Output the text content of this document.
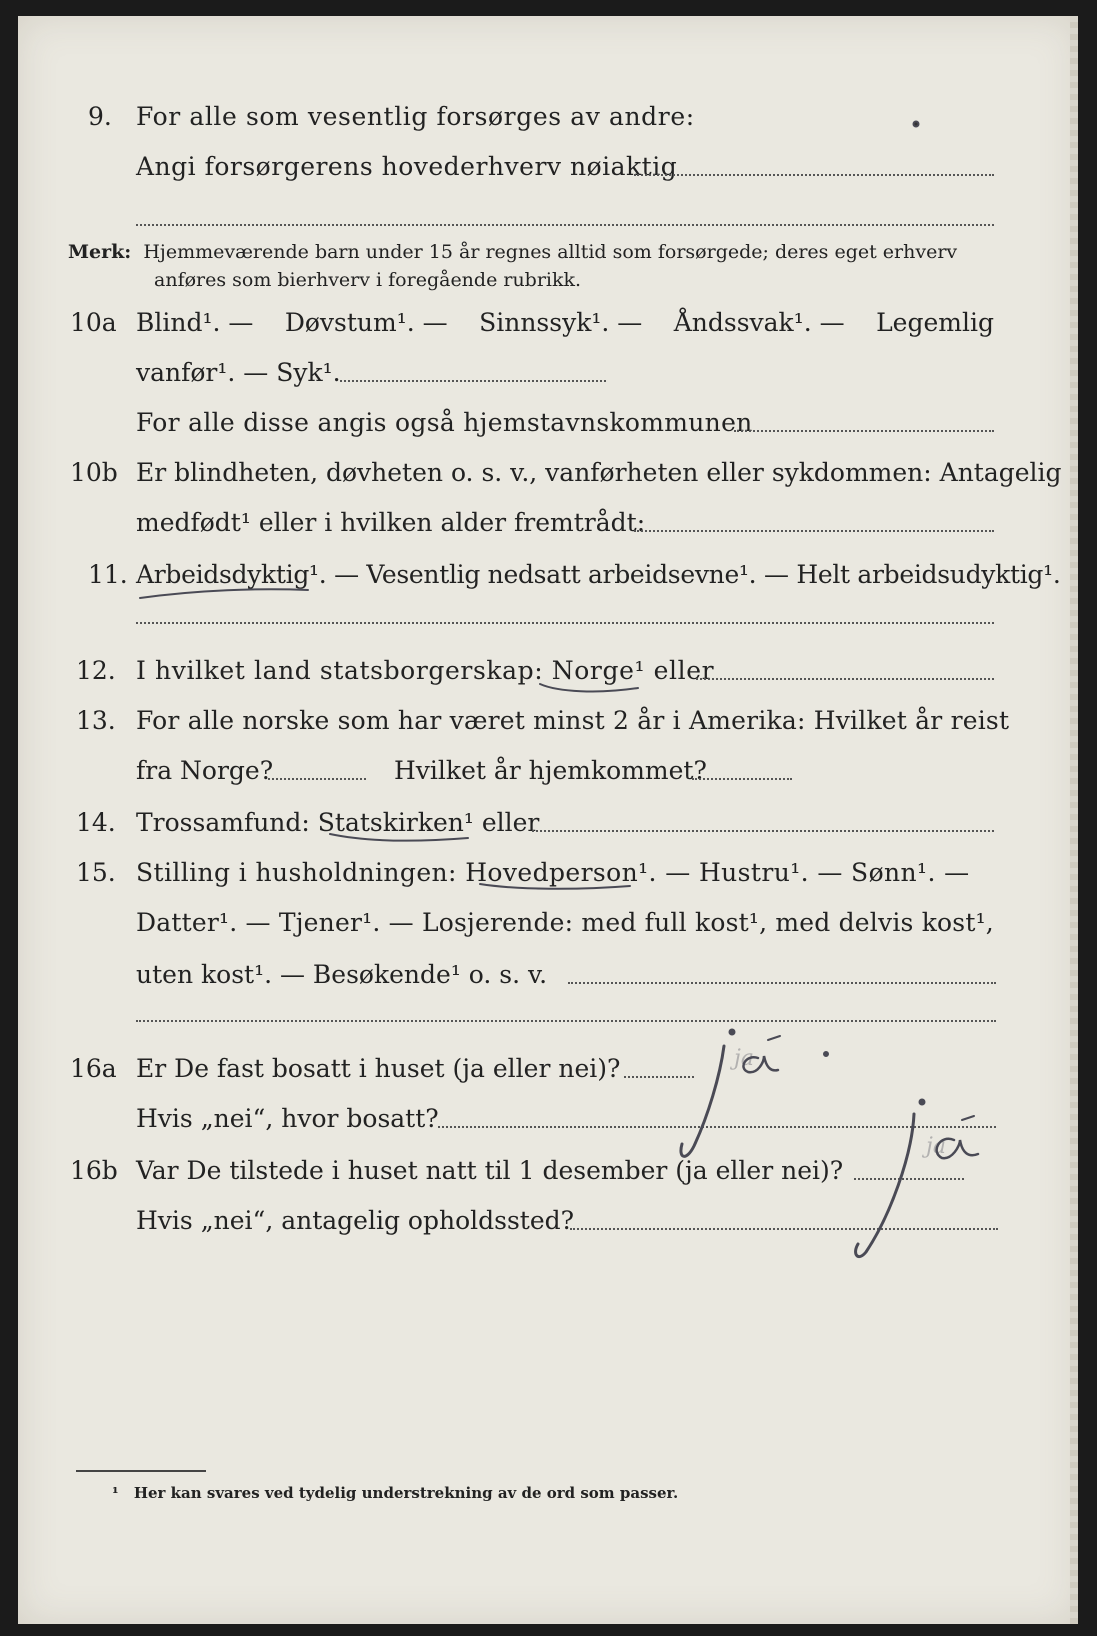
9. For alle som vesentlig forsørges av andre:
Angi forsørgerens hovederhverv nøiaktig
Merk: Hjemmeværende barn under 15 år regnes alltid som forsørgede; deres eget erhverv
anføres som bierhverv i foregående rubrikk.
10a Blind¹. — Døvstum¹. — Sinnssyk¹. — Åndssvak¹. — Legemlig
vanfør¹. — Syk¹.
For alle disse angis også hjemstavnskommunen
10b Er blindheten, døvheten o. s. v., vanførheten eller sykdommen: Antagelig
medfødt¹ eller i hvilken alder fremtrådt:
11. Arbeidsdyktig¹. — Vesentlig nedsatt arbeidsevne¹. — Helt arbeidsudyktig¹.
12. I hvilket land statsborgerskap: Norge¹ eller
13. For alle norske som har været minst 2 år i Amerika: Hvilket år reist
fra Norge?	Hvilket år hjemkommet?
14. Trossamfund: Statskirken¹ eller
15. Stilling i husholdningen: Hovedperson¹. — Hustru¹. — Sønn¹. —
Datter¹. — Tjener¹. — Losjerende: med full kost¹, med delvis kost¹,
uten kost¹. — Besøkende¹ o. s. v.
16a Er De fast bosatt i huset (ja eller nei)?
Hvis „nei“, hvor bosatt?
16b Var De tilstede i huset natt til 1 desember (ja eller nei)?
Hvis „nei“, antagelig opholdssted?
¹ Her kan svares ved tydelig understrekning av de ord som passer.
ja
ja
